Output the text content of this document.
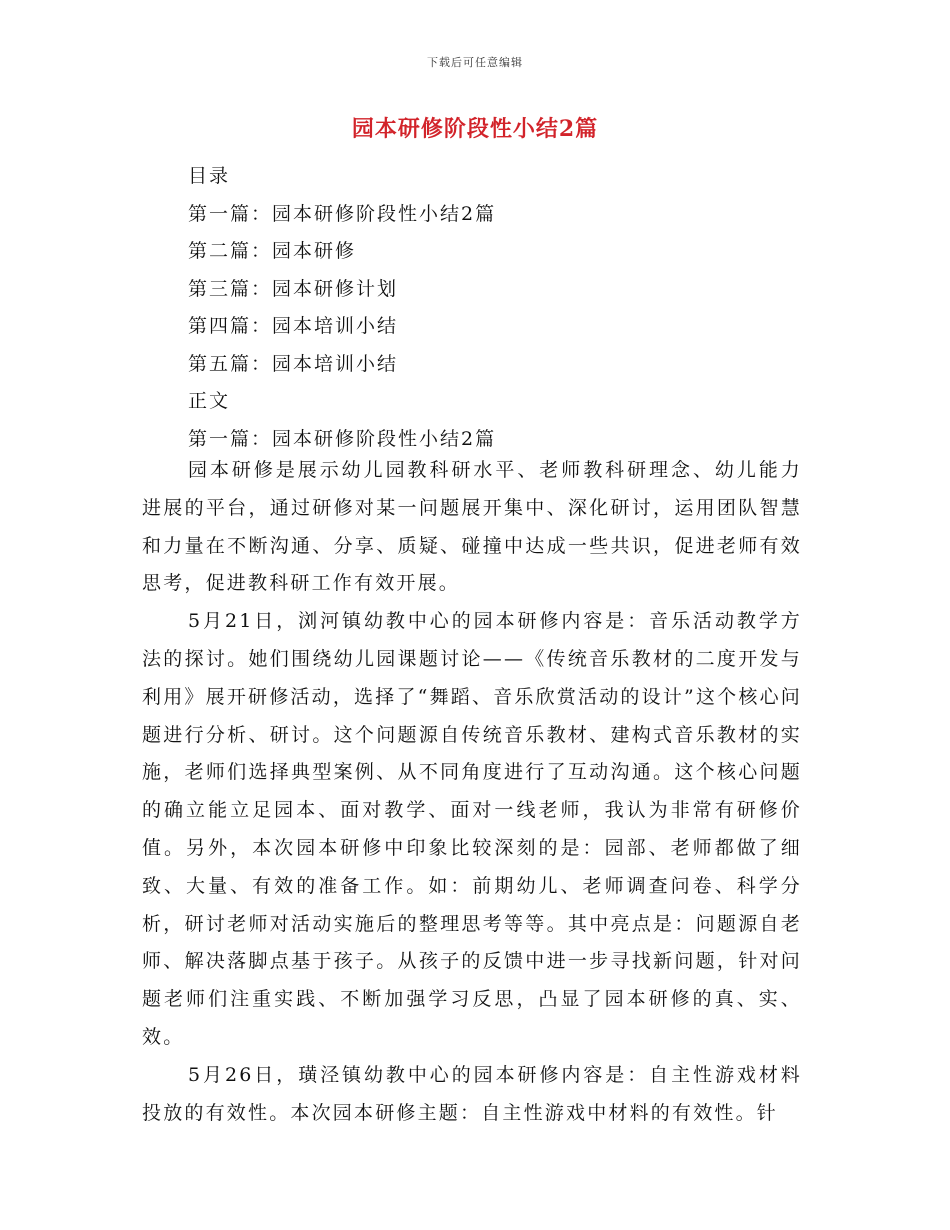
下载后可任意编辑
园本研修阶段性小结2篇
目录
第一篇：园本研修阶段性小结2篇
第二篇：园本研修
第三篇：园本研修计划
第四篇：园本培训小结
第五篇：园本培训小结
正文
第一篇：园本研修阶段性小结2篇

园本研修是展示幼儿园教科研水平、老师教科研理念、幼儿能力进展的平台，通过研修对某一问题展开集中、深化研讨，运用团队智慧和力量在不断沟通、分享、质疑、碰撞中达成一些共识，促进老师有效思考，促进教科研工作有效开展。

5月21日，浏河镇幼教中心的园本研修内容是：音乐活动教学方法的探讨。她们围绕幼儿园课题讨论——《传统音乐教材的二度开发与利用》展开研修活动，选择了“舞蹈、音乐欣赏活动的设计”这个核心问题进行分析、研讨。这个问题源自传统音乐教材、建构式音乐教材的实施，老师们选择典型案例、从不同角度进行了互动沟通。这个核心问题的确立能立足园本、面对教学、面对一线老师，我认为非常有研修价值。另外，本次园本研修中印象比较深刻的是：园部、老师都做了细致、大量、有效的准备工作。如：前期幼儿、老师调查问卷、科学分析，研讨老师对活动实施后的整理思考等等。其中亮点是：问题源自老师、解决落脚点基于孩子。从孩子的反馈中进一步寻找新问题，针对问题老师们注重实践、不断加强学习反思，凸显了园本研修的真、实、效。

5月26日，璜泾镇幼教中心的园本研修内容是：自主性游戏材料投放的有效性。本次园本研修主题：自主性游戏中材料的有效性。针
